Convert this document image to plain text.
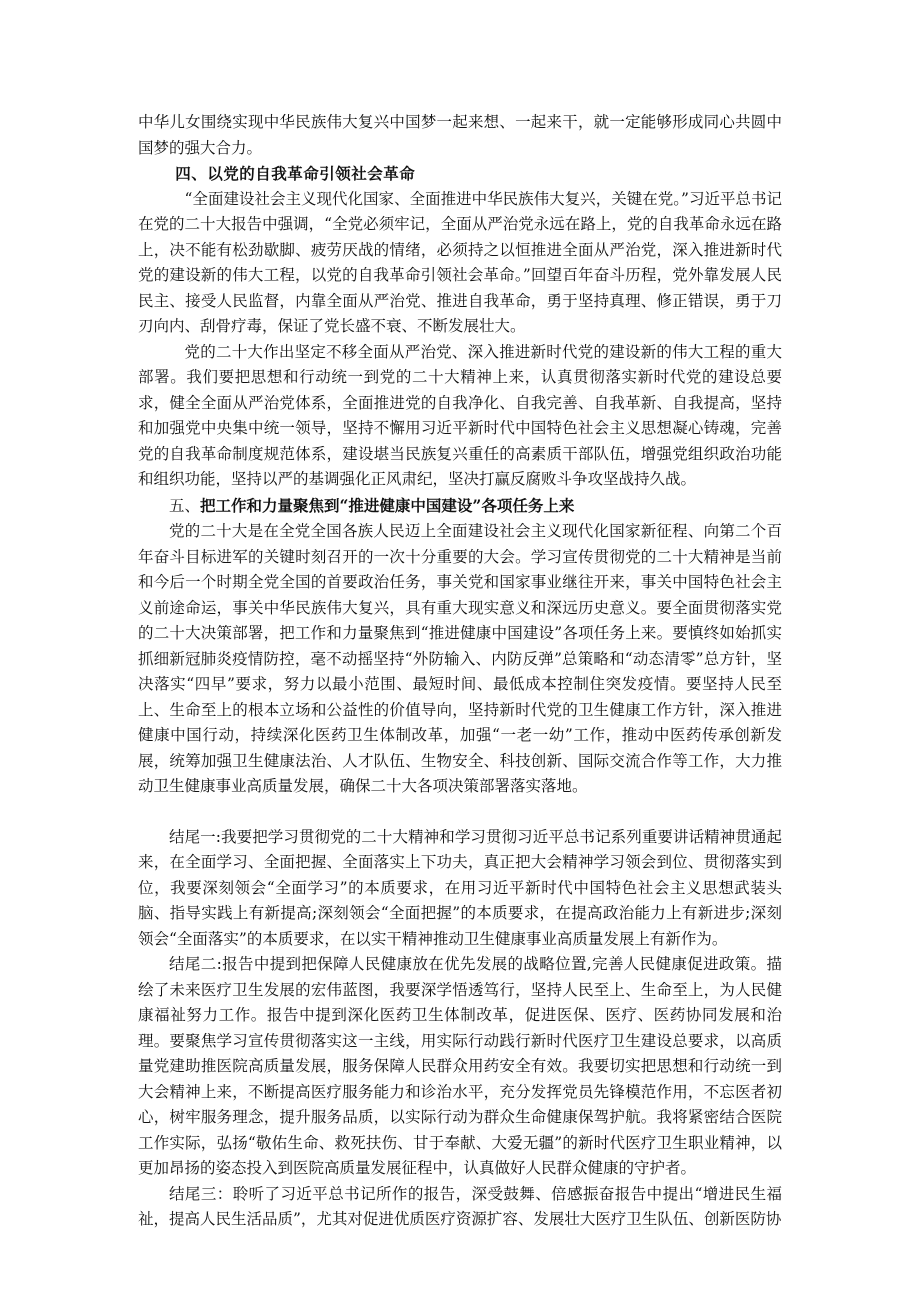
中华儿女围绕实现中华民族伟大复兴中国梦一起来想、一起来干，就一定能够形成同心共圆中国梦的强大合力。

四、以党的自我革命引领社会革命

“全面建设社会主义现代化国家、全面推进中华民族伟大复兴，关键在党。”习近平总书记在党的二十大报告中强调，“全党必须牢记，全面从严治党永远在路上，党的自我革命永远在路上，决不能有松劲歇脚、疲劳厌战的情绪，必须持之以恒推进全面从严治党，深入推进新时代党的建设新的伟大工程，以党的自我革命引领社会革命。”回望百年奋斗历程，党外靠发展人民民主、接受人民监督，内靠全面从严治党、推进自我革命，勇于坚持真理、修正错误，勇于刀刃向内、刮骨疗毒，保证了党长盛不衰、不断发展壮大。

党的二十大作出坚定不移全面从严治党、深入推进新时代党的建设新的伟大工程的重大部署。我们要把思想和行动统一到党的二十大精神上来，认真贯彻落实新时代党的建设总要求，健全全面从严治党体系，全面推进党的自我净化、自我完善、自我革新、自我提高，坚持和加强党中央集中统一领导，坚持不懈用习近平新时代中国特色社会主义思想凝心铸魂，完善党的自我革命制度规范体系，建设堪当民族复兴重任的高素质干部队伍，增强党组织政治功能和组织功能，坚持以严的基调强化正风肃纪，坚决打赢反腐败斗争攻坚战持久战。

五、把工作和力量聚焦到“推进健康中国建设”各项任务上来

党的二十大是在全党全国各族人民迈上全面建设社会主义现代化国家新征程、向第二个百年奋斗目标进军的关键时刻召开的一次十分重要的大会。学习宣传贯彻党的二十大精神是当前和今后一个时期全党全国的首要政治任务，事关党和国家事业继往开来，事关中国特色社会主义前途命运，事关中华民族伟大复兴，具有重大现实意义和深远历史意义。要全面贯彻落实党的二十大决策部署，把工作和力量聚焦到“推进健康中国建设”各项任务上来。要慎终如始抓实抓细新冠肺炎疫情防控，毫不动摇坚持“外防输入、内防反弹”总策略和“动态清零”总方针，坚决落实“四早”要求，努力以最小范围、最短时间、最低成本控制住突发疫情。要坚持人民至上、生命至上的根本立场和公益性的价值导向，坚持新时代党的卫生健康工作方针，深入推进健康中国行动，持续深化医药卫生体制改革，加强“一老一幼”工作，推动中医药传承创新发展，统筹加强卫生健康法治、人才队伍、生物安全、科技创新、国际交流合作等工作，大力推动卫生健康事业高质量发展，确保二十大各项决策部署落实落地。

结尾一:我要把学习贯彻党的二十大精神和学习贯彻习近平总书记系列重要讲话精神贯通起来，在全面学习、全面把握、全面落实上下功夫，真正把大会精神学习领会到位、贯彻落实到位，我要深刻领会“全面学习”的本质要求，在用习近平新时代中国特色社会主义思想武装头脑、指导实践上有新提高;深刻领会“全面把握”的本质要求，在提高政治能力上有新进步;深刻领会“全面落实”的本质要求，在以实干精神推动卫生健康事业高质量发展上有新作为。

结尾二:报告中提到把保障人民健康放在优先发展的战略位置,完善人民健康促进政策。描绘了未来医疗卫生发展的宏伟蓝图，我要深学悟透笃行，坚持人民至上、生命至上，为人民健康福祉努力工作。报告中提到深化医药卫生体制改革，促进医保、医疗、医药协同发展和治理。要聚焦学习宣传贯彻落实这一主线，用实际行动践行新时代医疗卫生建设总要求，以高质量党建助推医院高质量发展，服务保障人民群众用药安全有效。我要切实把思想和行动统一到大会精神上来，不断提高医疗服务能力和诊治水平，充分发挥党员先锋模范作用，不忘医者初心，树牢服务理念，提升服务品质，以实际行动为群众生命健康保驾护航。我将紧密结合医院工作实际，弘扬“敬佑生命、救死扶伤、甘于奉献、大爱无疆”的新时代医疗卫生职业精神，以更加昂扬的姿态投入到医院高质量发展征程中，认真做好人民群众健康的守护者。

结尾三：聆听了习近平总书记所作的报告，深受鼓舞、倍感振奋报告中提出“增进民生福祉，提高人民生活品质”，尤其对促进优质医疗资源扩容、发展壮大医疗卫生队伍、创新医防协
